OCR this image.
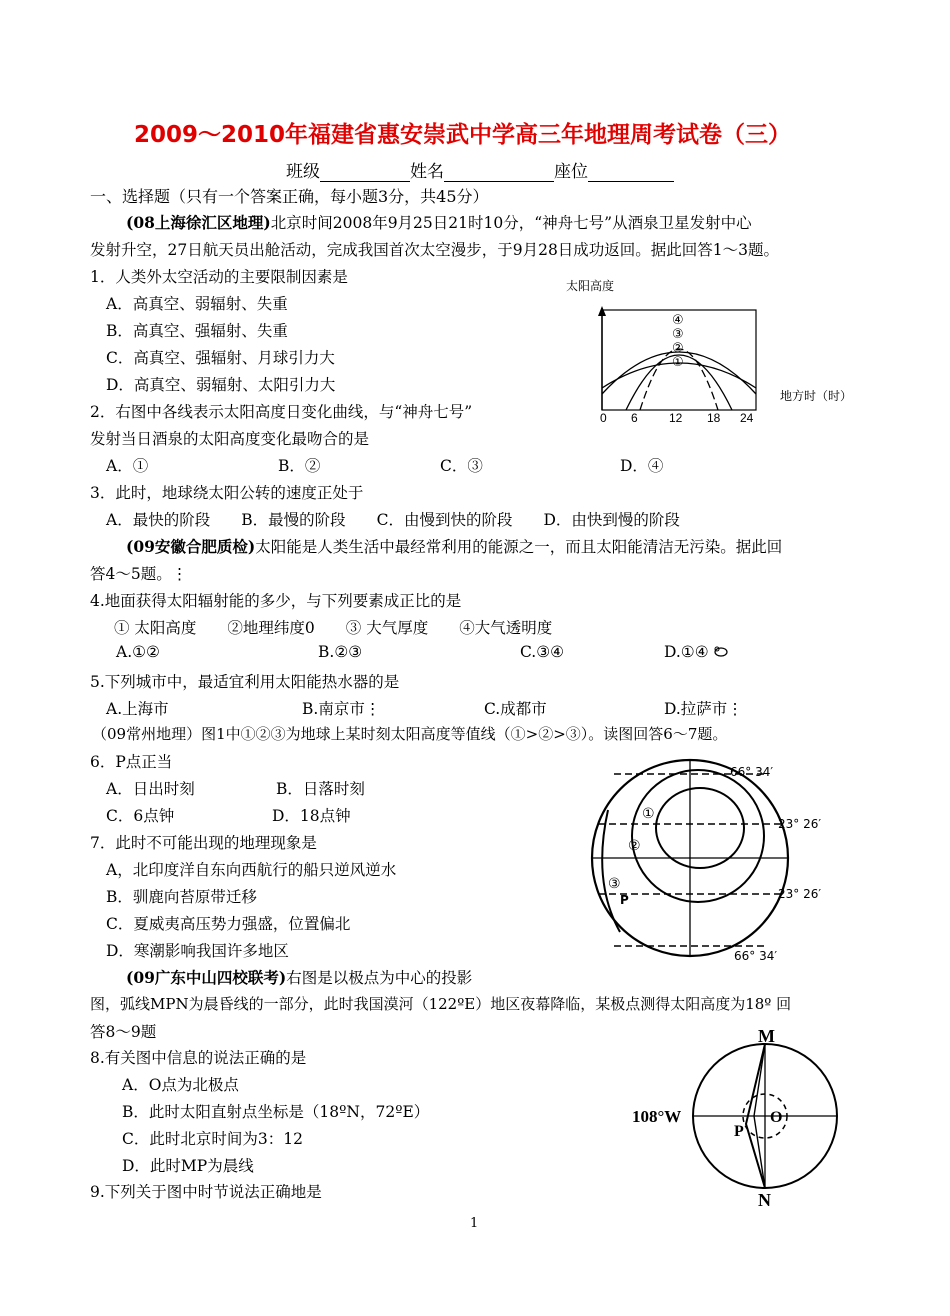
2009～2010年福建省惠安崇武中学高三年地理周考试卷（三）
班级	姓名	座位
一、选择题（只有一个答案正确，每小题3分，共45分）
(08上海徐汇区地理)北京时间2008年9月25日21时10分，“神舟七号”从酒泉卫星发射中心
发射升空，27日航天员出舱活动，完成我国首次太空漫步，于9月28日成功返回。据此回答1～3题。
1．人类外太空活动的主要限制因素是
A．高真空、弱辐射、失重
B．高真空、强辐射、失重
C．高真空、强辐射、月球引力大
D．高真空、弱辐射、太阳引力大
2．右图中各线表示太阳高度日变化曲线，与“神舟七号”
发射当日酒泉的太阳高度变化最吻合的是
A．①	B．②	C．③	D．④
3．此时，地球绕太阳公转的速度正处于
A．最快的阶段　　B．最慢的阶段　　C．由慢到快的阶段　　D．由快到慢的阶段
(09安徽合肥质检)太阳能是人类生活中最经常利用的能源之一，而且太阳能清洁无污染。据此回
答4～5题。⋮
4.地面获得太阳辐射能的多少，与下列要素成正比的是
① 太阳高度　　②地理纬度0　　③ 大气厚度　　④大气透明度
A.①②	B.②③	C.③④	D.①④
5.下列城市中，最适宜利用太阳能热水器的是
A.上海市	B.南京市⋮	C.成都市	D.拉萨市⋮
（09常州地理）图1中①②③为地球上某时刻太阳高度等值线（①>②>③）。读图回答6～7题。
6．P点正当
A．日出时刻	B．日落时刻
C．6点钟	D．18点钟
7．此时不可能出现的地理现象是
A，北印度洋自东向西航行的船只逆风逆水
B．驯鹿向苔原带迁移
C．夏威夷高压势力强盛，位置偏北
D．寒潮影响我国许多地区
(09广东中山四校联考)右图是以极点为中心的投影
图，弧线MPN为晨昏线的一部分，此时我国漠河（122ºE）地区夜幕降临，某极点测得太阳高度为18º 回
答8～9题
8.有关图中信息的说法正确的是
A．O点为北极点
B．此时太阳直射点坐标是（18ºN，72ºE）
C．此时北京时间为3：12
D．此时MP为晨线
9.下列关于图中时节说法正确地是
1
太阳高度
地方时（时）
0 6	12 18 24
④
③
②
①
66° 34′
23° 26′
23° 26′
66° 34′
①
②
③
P
M
N
108°W	O
P
